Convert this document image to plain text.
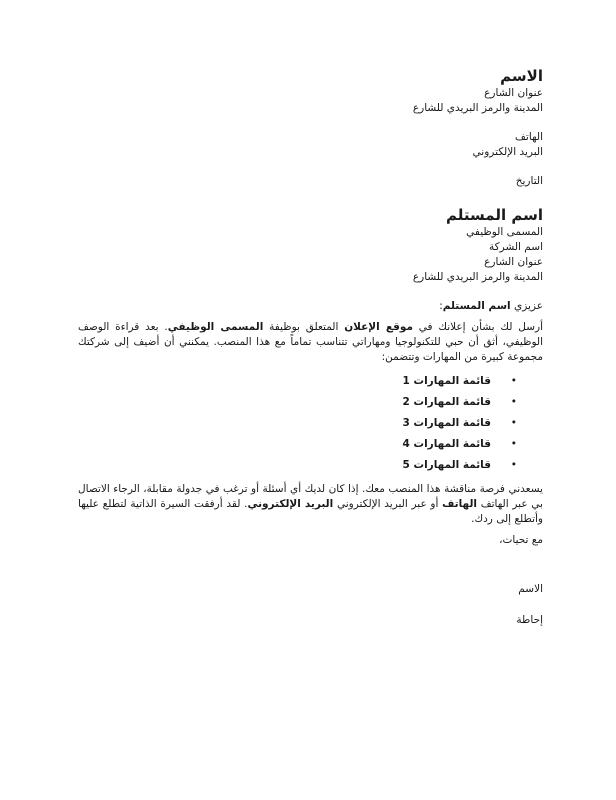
الاسم

عنوان الشارع
المدينة والرمز البريدي للشارع
الهاتف
البريد الإلكتروني
التاريخ

اسم المستلم

المسمى الوظيفي
اسم الشركة
عنوان الشارع
المدينة والرمز البريدي للشارع

عزيزي اسم المستلم:

أرسل لك بشأن إعلانك في موقع الإعلان المتعلق بوظيفة المسمى الوظيفي. بعد قراءة الوصف الوظيفي، أثق أن حبي للتكنولوجيا ومهاراتي تتناسب تماماً مع هذا المنصب. يمكنني أن أضيف إلى شركتك مجموعة كبيرة من المهارات وتتضمن:

•
قائمة المهارات 1
•
قائمة المهارات 2
•
قائمة المهارات 3
•
قائمة المهارات 4
•
قائمة المهارات 5

يسعدني فرصة مناقشة هذا المنصب معك. إذا كان لديك أي أسئلة أو ترغب في جدولة مقابلة، الرجاء الاتصال بي عبر الهاتف الهاتف أو عبر البريد الإلكتروني البريد الإلكتروني. لقد أرفقت السيرة الذاتية لتطلع عليها وأتطلع إلى ردك.

مع تحيات،

الاسم

إحاطة
